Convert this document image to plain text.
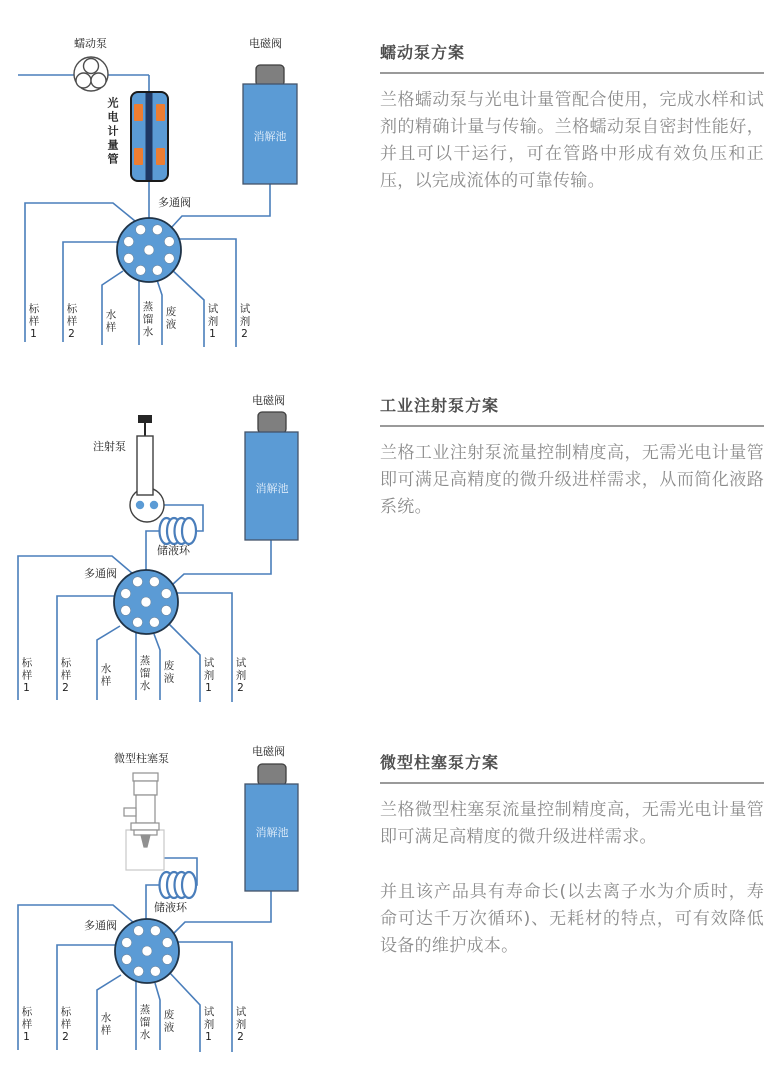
蠕动泵
光电计量管
电磁阀
消解池
多通阀
标样1 标样2	水样 蒸馏水 废液	试剂1 试剂2
注射泵
电磁阀
消解池
储液环
多通阀
标样1	标样2	水样	蒸馏水 废液	试剂1 试剂2
微型柱塞泵
电磁阀
消解池
储液环
多通阀
标样1	标样2	水样	蒸馏水 废液	试剂1 试剂2
蠕动泵方案

兰格蠕动泵与光电计量管配合使用，完成水样和试剂的精确计量与传输。兰格蠕动泵自密封性能好，并且可以干运行，可在管路中形成有效负压和正压，以完成流体的可靠传输。

工业注射泵方案

兰格工业注射泵流量控制精度高，无需光电计量管即可满足高精度的微升级进样需求，从而简化液路系统。

微型柱塞泵方案

兰格微型柱塞泵流量控制精度高，无需光电计量管即可满足高精度的微升级进样需求。

并且该产品具有寿命长(以去离子水为介质时，寿命可达千万次循环)、无耗材的特点，可有效降低设备的维护成本。
